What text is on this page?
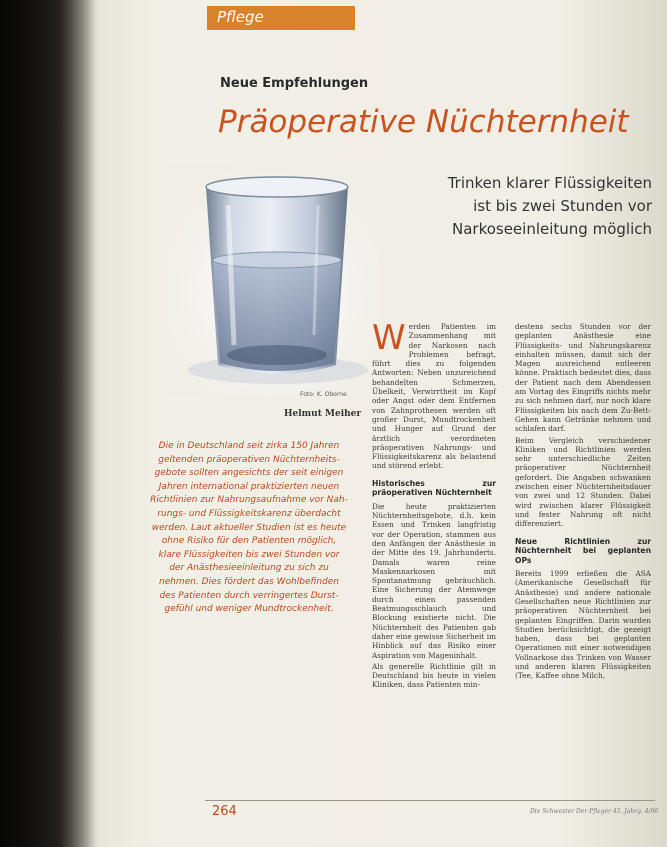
Pflege
Neue Empfehlungen
Präoperative Nüchternheit
Foto: K. Oborne
Helmut Meiher
Trinken klarer Flüssigkeiten
ist bis zwei Stunden vor
Narkoseeinleitung möglich
Die in Deutschland seit zirka 150 Jahren
geltenden präoperativen Nüchternheits-
gebote sollten angesichts der seit einigen
Jahren international praktizierten neuen
Richtlinien zur Nahrungsaufnahme vor Nah-
rungs- und Flüssigkeitskarenz überdacht
werden. Laut aktueller Studien ist es heute
ohne Risiko für den Patienten möglich,
klare Flüssigkeiten bis zwei Stunden vor
der Anästhesieeinleitung zu sich zu
nehmen. Dies fördert das Wohlbefinden
des Patienten durch verringertes Durst-
gefühl und weniger Mundtrockenheit.

Werden Patienten im Zusammenhang mit der Narkosen nach Problemen befragt, führt dies zu folgenden Antworten: Neben unzureichend behandelten Schmerzen, Übelkeit, Verwirrtheit im Kopf oder Angst oder dem Entfernen von Zahnprothesen werden oft großer Durst, Mundtrockenheit und Hunger auf Grund der ärztlich verordneten präoperativen Nahrungs- und Flüssigkeitskarenz als belastend und störend erlebt.

Historisches zur präoperativen Nüchternheit

Die heute praktizierten Nüchternheitsgebote, d.h. kein Essen und Trinken langfristig vor der Operation, stammen aus den Anfängen der Anästhesie in der Mitte des 19. Jahrhunderts. Damals waren reine Maskennarkosen mit Spontanatmung gebräuchlich. Eine Sicherung der Atemwege durch einen passenden Beatmungsschlauch und Blockung existierte nicht. Die Nüchternheit des Patienten gab daher eine gewisse Sicherheit im Hinblick auf das Risiko einer Aspiration von Mageninhalt.

Als generelle Richtlinie gilt in Deutschland bis heute in vielen Kliniken, dass Patienten min-

destens sechs Stunden vor der geplanten Anästhesie eine Flüssigkeits- und Nahrungskarenz einhalten müssen, damit sich der Magen ausreichend entleeren könne. Praktisch bedeutet dies, dass der Patient nach dem Abendessen am Vortag des Eingriffs nichts mehr zu sich nehmen darf, nur noch klare Flüssigkeiten bis nach dem Zu-Bett-Gehen kann Getränke nehmen und schlafen darf.

Beim Vergleich verschiedener Kliniken und Richtlinien werden sehr unterschiedliche Zeiten präoperativer Nüchternheit gefordert. Die Angaben schwanken zwischen einer Nüchternheitsdauer von zwei und 12 Stunden. Dabei wird zwischen klarer Flüssigkeit und fester Nahrung oft nicht differenziert.

Neue Richtlinien zur Nüchternheit bei geplanten OPs

Bereits 1999 erließen die ASA (Amerikanische Gesellschaft für Anästhesie) und andere nationale Gesellschaften neue Richtlinien zur präoperativen Nüchternheit bei geplanten Eingriffen. Darin wurden Studien berücksichtigt, die gezeigt haben, dass bei geplanten Operationen mit einer notwendigen Vollnarkose das Trinken von Wasser und anderen klaren Flüssigkeiten (Tee, Kaffee ohne Milch,

264	Die Schwester Der Pfleger 45. Jahrg. 4/06
